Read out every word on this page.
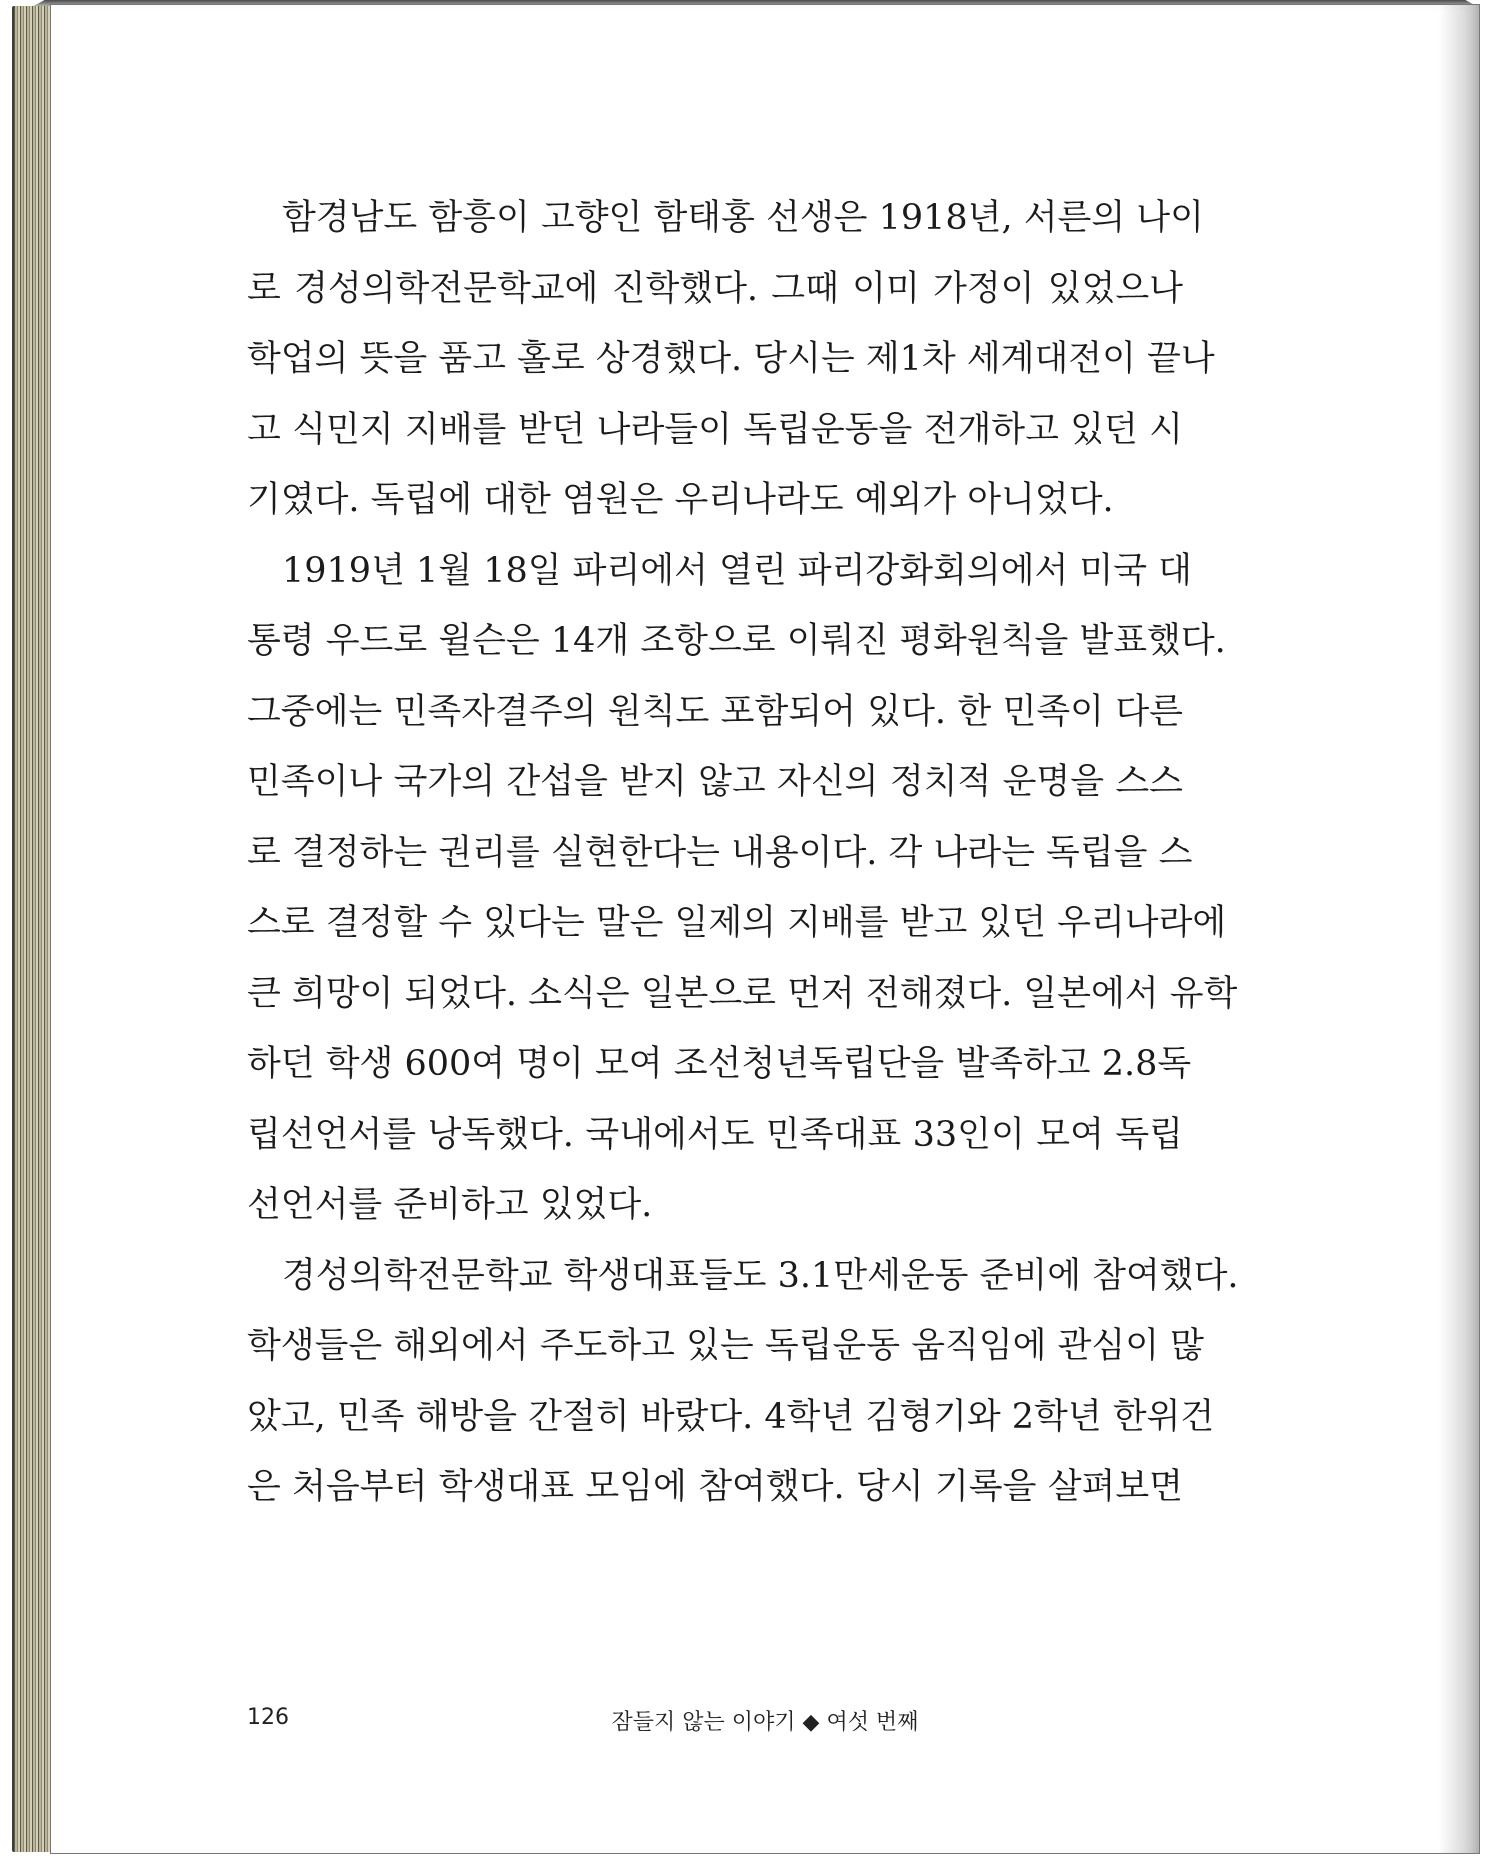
　함경남도 함흥이 고향인 함태홍 선생은 1918년, 서른의 나이
로 경성의학전문학교에 진학했다. 그때 이미 가정이 있었으나
학업의 뜻을 품고 홀로 상경했다. 당시는 제1차 세계대전이 끝나
고 식민지 지배를 받던 나라들이 독립운동을 전개하고 있던 시
기였다. 독립에 대한 염원은 우리나라도 예외가 아니었다.
　1919년 1월 18일 파리에서 열린 파리강화회의에서 미국 대
통령 우드로 윌슨은 14개 조항으로 이뤄진 평화원칙을 발표했다.
그중에는 민족자결주의 원칙도 포함되어 있다. 한 민족이 다른
민족이나 국가의 간섭을 받지 않고 자신의 정치적 운명을 스스
로 결정하는 권리를 실현한다는 내용이다. 각 나라는 독립을 스
스로 결정할 수 있다는 말은 일제의 지배를 받고 있던 우리나라에
큰 희망이 되었다. 소식은 일본으로 먼저 전해졌다. 일본에서 유학
하던 학생 600여 명이 모여 조선청년독립단을 발족하고 2.8독
립선언서를 낭독했다. 국내에서도 민족대표 33인이 모여 독립
선언서를 준비하고 있었다.
　경성의학전문학교 학생대표들도 3.1만세운동 준비에 참여했다.
학생들은 해외에서 주도하고 있는 독립운동 움직임에 관심이 많
았고, 민족 해방을 간절히 바랐다. 4학년 김형기와 2학년 한위건
은 처음부터 학생대표 모임에 참여했다. 당시 기록을 살펴보면
126	잠들지 않는 이야기 ◆ 여섯 번째
